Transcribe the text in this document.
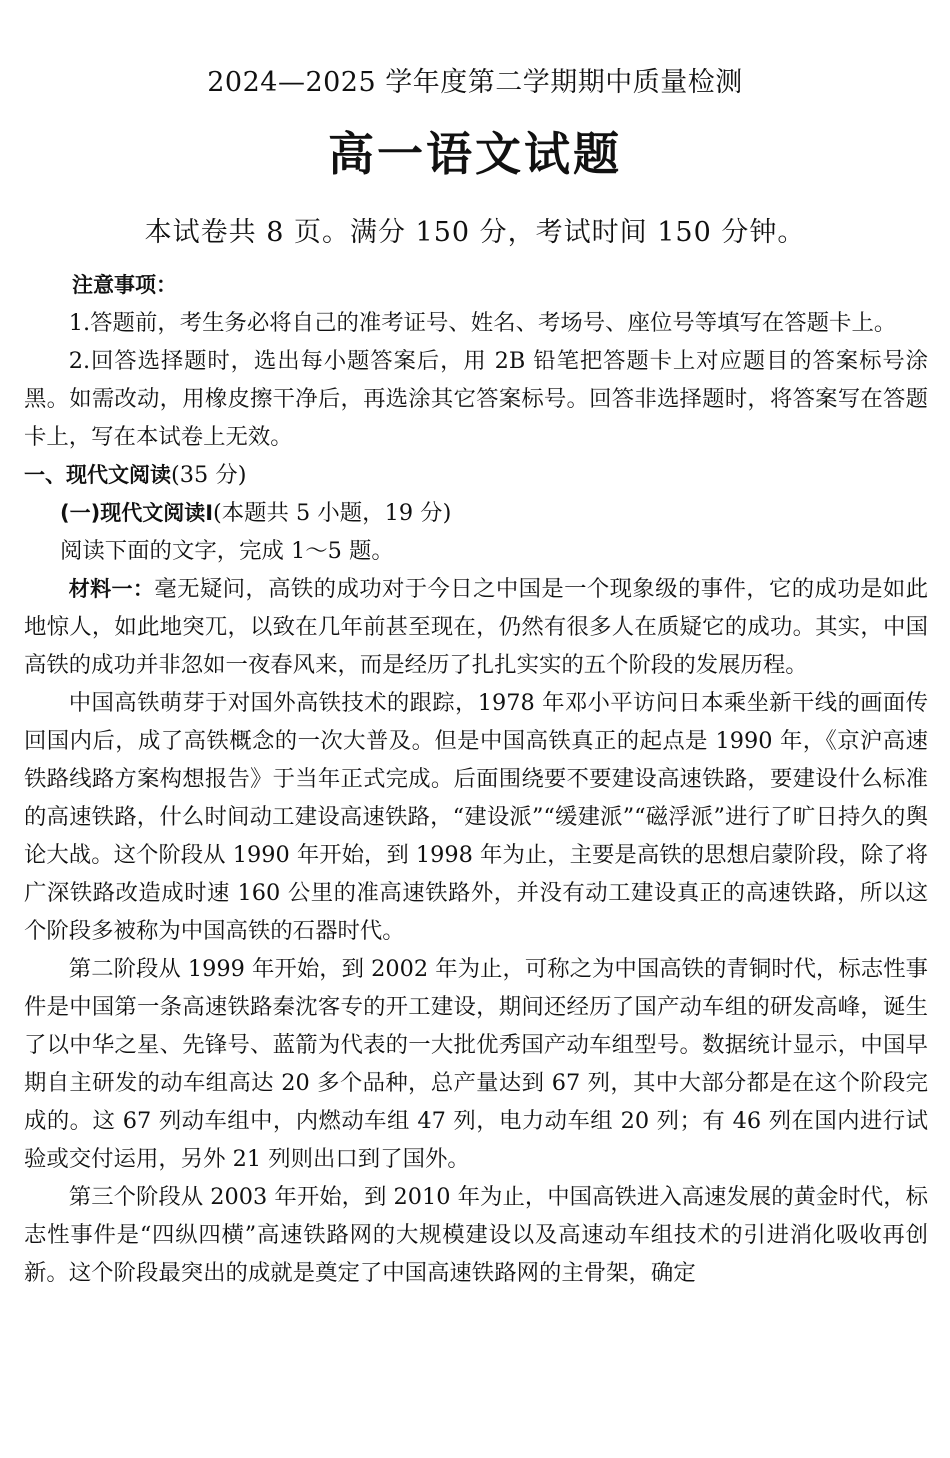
2024—2025 学年度第二学期期中质量检测
高一语文试题
本试卷共 8 页。满分 150 分，考试时间 150 分钟。

注意事项：

1.答题前，考生务必将自己的准考证号、姓名、考场号、座位号等填写在答题卡上。

2.回答选择题时，选出每小题答案后，用 2B 铅笔把答题卡上对应题目的答案标号涂黑。如需改动，用橡皮擦干净后，再选涂其它答案标号。回答非选择题时，将答案写在答题卡上，写在本试卷上无效。

一、现代文阅读(35 分)

(一)现代文阅读Ⅰ(本题共 5 小题，19 分)

阅读下面的文字，完成 1～5 题。

材料一：毫无疑问，高铁的成功对于今日之中国是一个现象级的事件，它的成功是如此地惊人，如此地突兀，以致在几年前甚至现在，仍然有很多人在质疑它的成功。其实，中国高铁的成功并非忽如一夜春风来，而是经历了扎扎实实的五个阶段的发展历程。

中国高铁萌芽于对国外高铁技术的跟踪，1978 年邓小平访问日本乘坐新干线的画面传回国内后，成了高铁概念的一次大普及。但是中国高铁真正的起点是 1990 年，《京沪高速铁路线路方案构想报告》于当年正式完成。后面围绕要不要建设高速铁路，要建设什么标准的高速铁路，什么时间动工建设高速铁路，“建设派”“缓建派”“磁浮派”进行了旷日持久的舆论大战。这个阶段从 1990 年开始，到 1998 年为止，主要是高铁的思想启蒙阶段，除了将广深铁路改造成时速 160 公里的准高速铁路外，并没有动工建设真正的高速铁路，所以这个阶段多被称为中国高铁的石器时代。

第二阶段从 1999 年开始，到 2002 年为止，可称之为中国高铁的青铜时代，标志性事件是中国第一条高速铁路秦沈客专的开工建设，期间还经历了国产动车组的研发高峰，诞生了以中华之星、先锋号、蓝箭为代表的一大批优秀国产动车组型号。数据统计显示，中国早期自主研发的动车组高达 20 多个品种，总产量达到 67 列，其中大部分都是在这个阶段完成的。这 67 列动车组中，内燃动车组 47 列，电力动车组 20 列；有 46 列在国内进行试验或交付运用，另外 21 列则出口到了国外。

第三个阶段从 2003 年开始，到 2010 年为止，中国高铁进入高速发展的黄金时代，标志性事件是“四纵四横”高速铁路网的大规模建设以及高速动车组技术的引进消化吸收再创新。这个阶段最突出的成就是奠定了中国高速铁路网的主骨架，确定
